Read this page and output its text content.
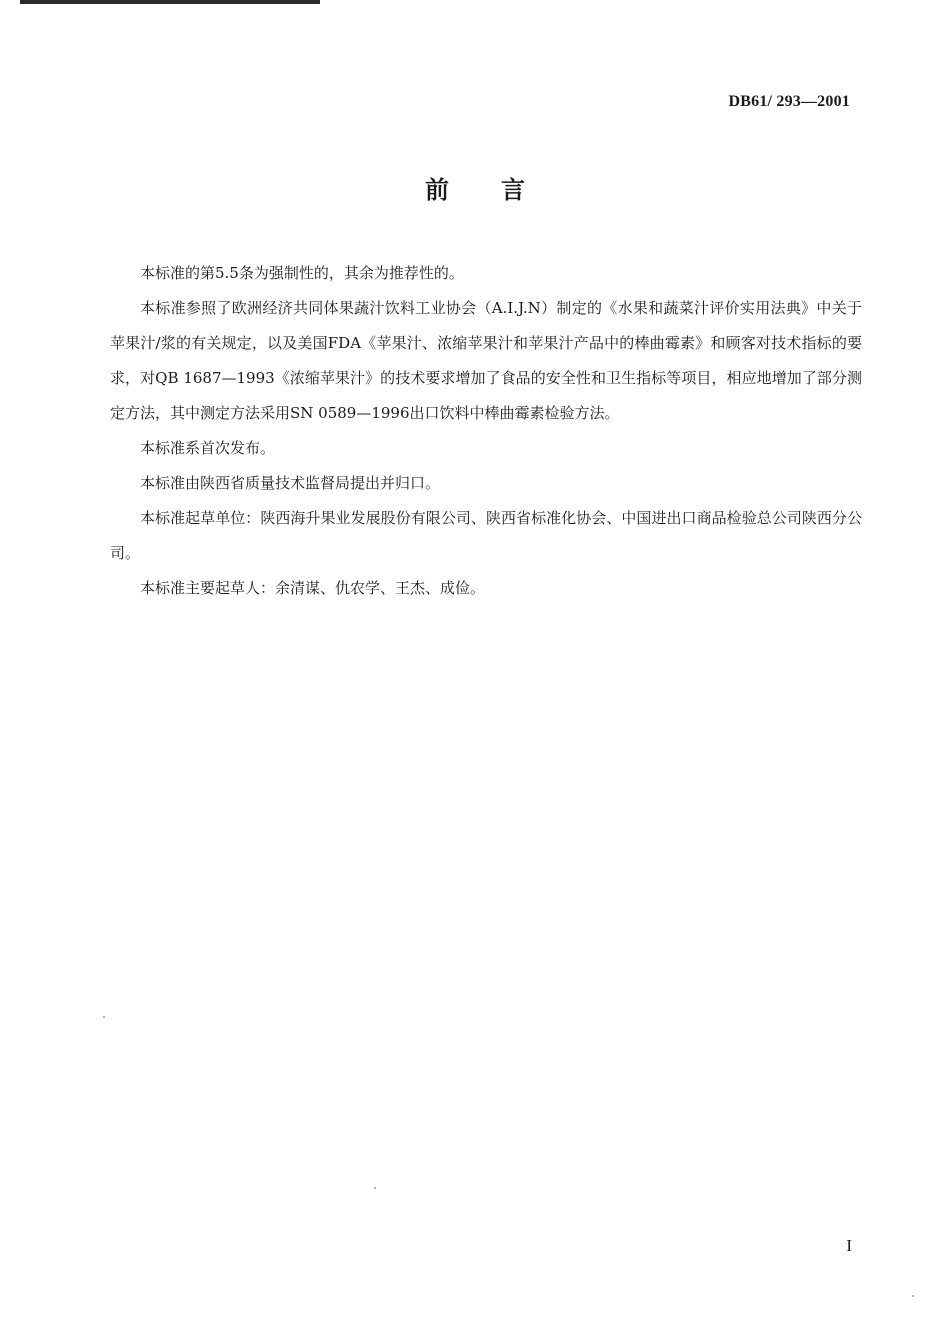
DB61/ 293—2001
前言

本标准的第5.5条为强制性的，其余为推荐性的。

本标准参照了欧洲经济共同体果蔬汁饮料工业协会（A.I.J.N）制定的《水果和蔬菜汁评价实用法典》中关于苹果汁/浆的有关规定，以及美国FDA《苹果汁、浓缩苹果汁和苹果汁产品中的棒曲霉素》和顾客对技术指标的要求，对QB 1687—1993《浓缩苹果汁》的技术要求增加了食品的安全性和卫生指标等项目，相应地增加了部分测定方法，其中测定方法采用SN 0589—1996出口饮料中棒曲霉素检验方法。

本标准系首次发布。

本标准由陕西省质量技术监督局提出并归口。

本标准起草单位：陕西海升果业发展股份有限公司、陕西省标准化协会、中国进出口商品检验总公司陕西分公司。

本标准主要起草人：余清谋、仇农学、王杰、成俭。

I
